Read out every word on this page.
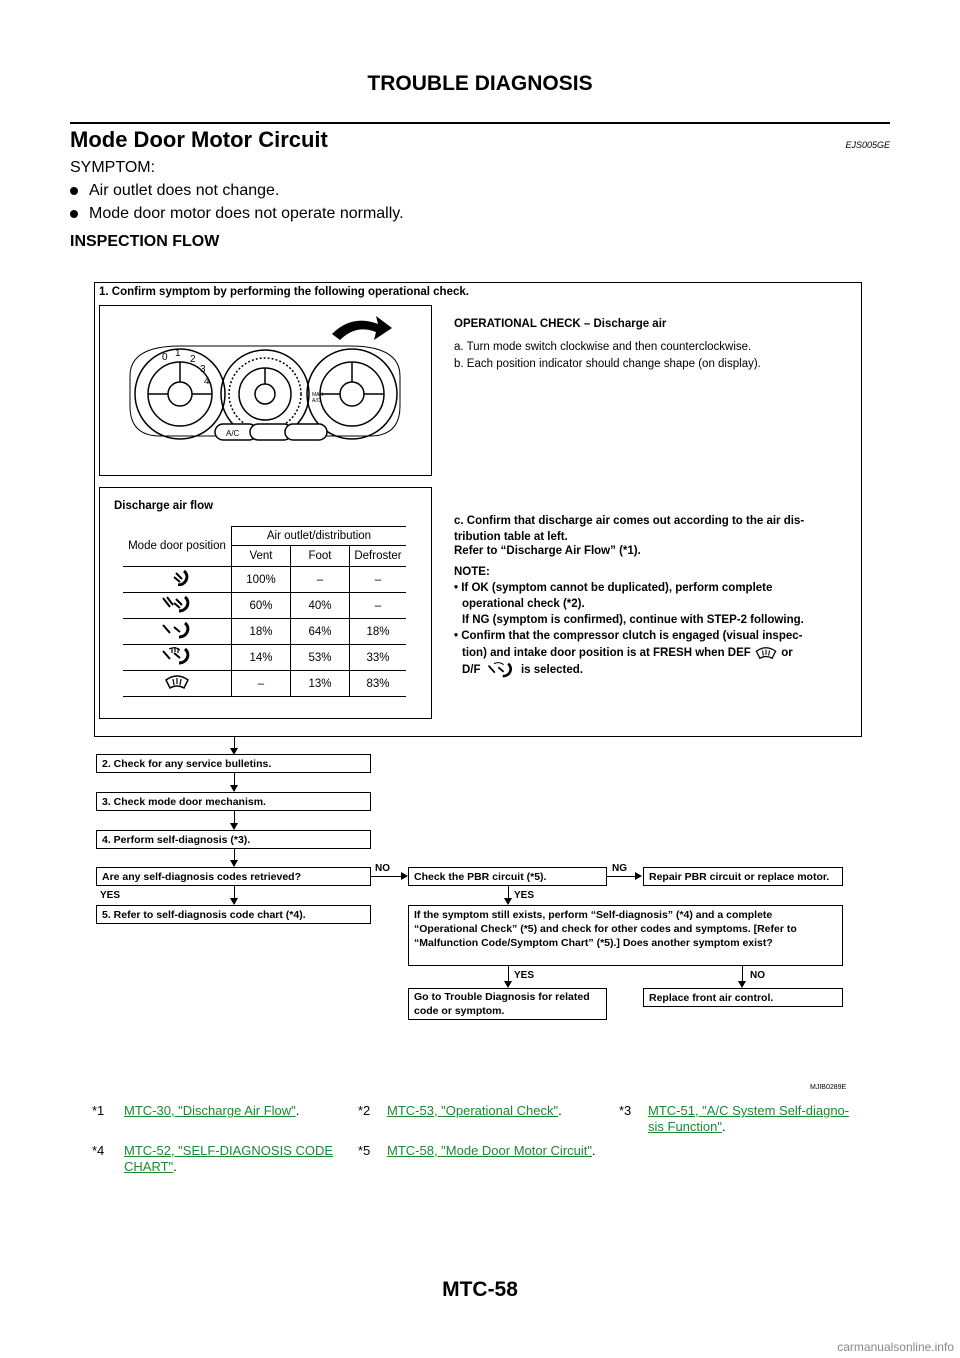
TROUBLE DIAGNOSIS
Mode Door Motor Circuit	EJS005GE
SYMPTOM:
Air outlet does not change.
Mode door motor does not operate normally.
INSPECTION FLOW
1. Confirm symptom by performing the following operational check.
0 1
2
3
4
MAN
A/C
A/C
OPERATIONAL CHECK – Discharge air
a. Turn mode switch clockwise and then counterclockwise.
b. Each position indicator should change shape (on display).
Discharge air flow
Mode door position	Air outlet/distribution		
	Vent	Foot	Defroster
	100%	–	–
	60%	40%	–
	18%	64%	18%
	14%	53%	33%
	–	13%	83%
c. Confirm that discharge air comes out according to the air dis- tribution table at left.
Refer to “Discharge Air Flow” (*1).
NOTE:
• If OK (symptom cannot be duplicated), perform complete
operational check (*2).
If NG (symptom is confirmed), continue with STEP-2 following.
• Confirm that the compressor clutch is engaged (visual inspec-
tion) and intake door position is at FRESH when DEF	or
D/F	is selected.
2. Check for any service bulletins.
3. Check mode door mechanism.
4. Perform self-diagnosis (*3).
Are any self-diagnosis codes retrieved?
NO
Check the PBR circuit (*5).
NG
Repair PBR circuit or replace motor.
YES
5. Refer to self-diagnosis code chart (*4).
YES
If the symptom still exists, perform “Self-diagnosis” (*4) and a complete “Operational Check” (*5) and check for other codes and symptoms. [Refer to “Malfunction Code/Symptom Chart” (*5).] Does another symptom exist?
YES
Go to Trouble Diagnosis for related code or symptom.
NO
Replace front air control.
MJIB0289E
*1 MTC-30, "Discharge Air Flow".	*2 MTC-53, "Operational Check".	*3 MTC-51, "A/C System Self-diagno- sis Function".
*4 MTC-52, "SELF-DIAGNOSIS CODE CHART".
*5 MTC-58, "Mode Door Motor Circuit".
MTC-58
carmanualsonline.info
